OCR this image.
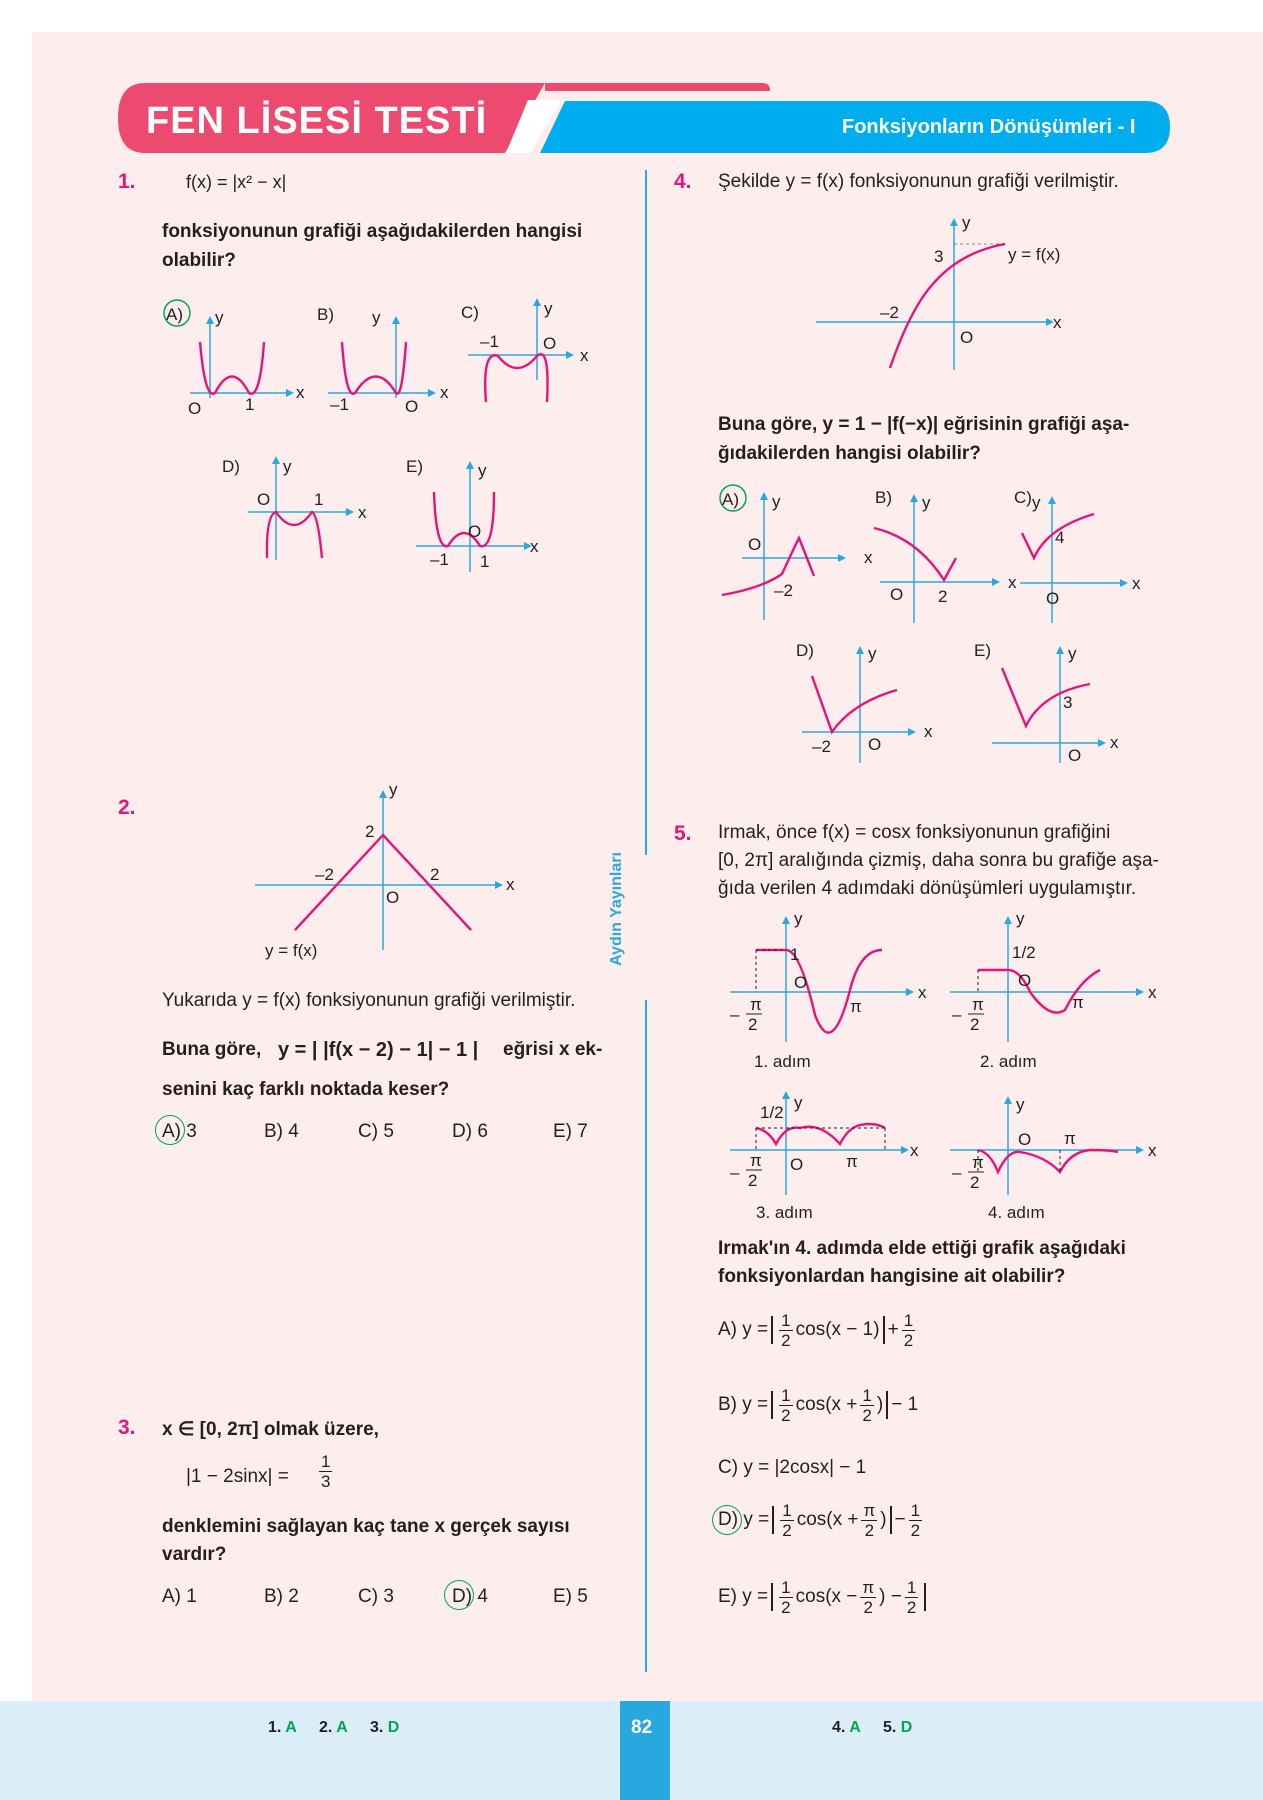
FEN LİSESİ TESTİ	Fonksiyonların Dönüşümleri - I
Aydın Yayınları
1.	f(x) = |x² − x|
fonksiyonunun grafiği aşağıdakilerden hangisi
olabilir?
A) y
x
O	1
B) y
x
–1	O
C)	y
x
–1	O
D)	y
x
O	1
E)	y
x
O
–1 1
2.
y
x
O
2
–2	2
y = f(x)
Yukarıda y = f(x) fonksiyonunun grafiği verilmiştir.
Buna göre, y = | |f(x − 2) − 1| − 1 | eğrisi x ek-
senini kaç farklı noktada keser?
A) 3	B) 4	C) 5	D) 6	E) 7
3. x ∈ [0, 2π] olmak üzere,
$|1 - 2\sin x| = \frac{1}{3}$
denklemini sağlayan kaç tane x gerçek sayısı
vardır?
A) 1	B) 2	C) 3	D) 4	E) 5
4. Şekilde y = f(x) fonksiyonunun grafiği verilmiştir.
y
x
O
3
–2
y = f(x)
Buna göre, y = 1 − |f(−x)| eğrisinin grafiği aşa-
ğıdakilerden hangisi olabilir?
A) y
x
O
–2
B) y
x
O 2
C) y
x
O
4
D)	y
x
–2 O
E)	y
x
3
O
5. Irmak, önce f(x) = cosx fonksiyonunun grafiğini
[0, 2π] aralığında çizmiş, daha sonra bu grafiğe aşa-
ğıda verilen 4 adımdaki dönüşümleri uygulamıştır.
y
x
1
O
π
–
π
2
1. adım
y
x
1/2
O
π
–
π
2
2. adım
y
x
1/2
O	π
–
π
2
3. adım
y
x
O π
–
π
2
4. adım
Irmak'ın 4. adımda elde ettiği grafik aşağıdaki
fonksiyonlardan hangisine ait olabilir?
A)
$y = \frac{1}{2} \cos(x - 1) + \frac{1}{2}$
B)
$y = \frac{1}{2} \cos(x + \frac{1}{2}$ ) − 1
C) y = |2cosx| − 1
D)
$y = \frac{1}{2} \cos(x + \frac{\pi}{2}$ ) − $\frac{1}{2}$
E)
$y = \frac{1}{2} \cos(x - \frac{\pi}{2}$ ) − $\frac{1}{2}$
82
1. A 2. A 3. D	4. A 5. D
